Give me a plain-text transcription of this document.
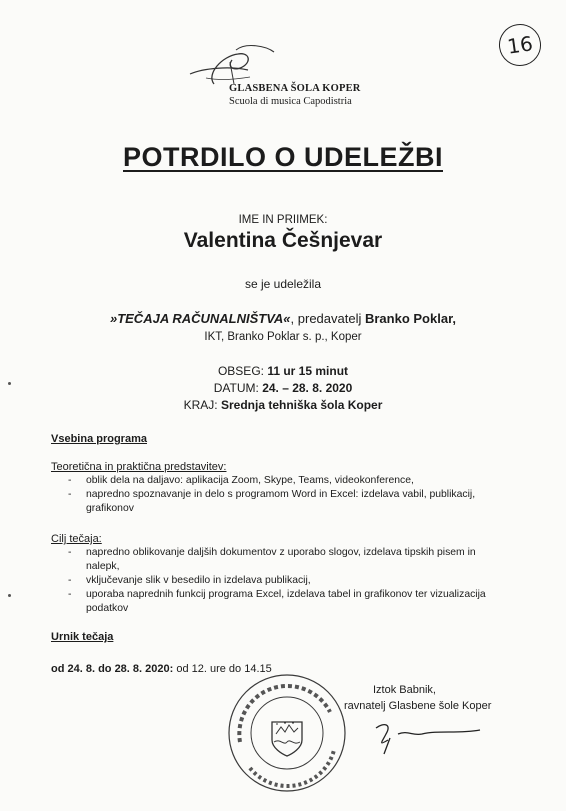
16
GLASBENA ŠOLA KOPER
Scuola di musica Capodistria
POTRDILO O UDELEŽBI
IME IN PRIIMEK:
Valentina Češnjevar
se je udeležila
»TEČAJA RAČUNALNIŠTVA«, predavatelj Branko Poklar,
IKT, Branko Poklar s. p., Koper
OBSEG: 11 ur 15 minut
DATUM: 24. – 28. 8. 2020
KRAJ: Srednja tehniška šola Koper
Vsebina programa
Teoretična in praktična predstavitev:
- oblik dela na daljavo: aplikacija Zoom, Skype, Teams, videokonference,
- napredno spoznavanje in delo s programom Word in Excel: izdelava vabil, publikacij, grafikonov
Cilj tečaja:
- napredno oblikovanje daljših dokumentov z uporabo slogov, izdelava tipskih pisem in nalepk,
- vključevanje slik v besedilo in izdelava publikacij,
- uporaba naprednih funkcij programa Excel, izdelava tabel in grafikonov ter vizualizacija podatkov
Urnik tečaja
od 24. 8. do 28. 8. 2020: od 12. ure do 14.15
Iztok Babnik,
ravnatelj Glasbene šole Koper
